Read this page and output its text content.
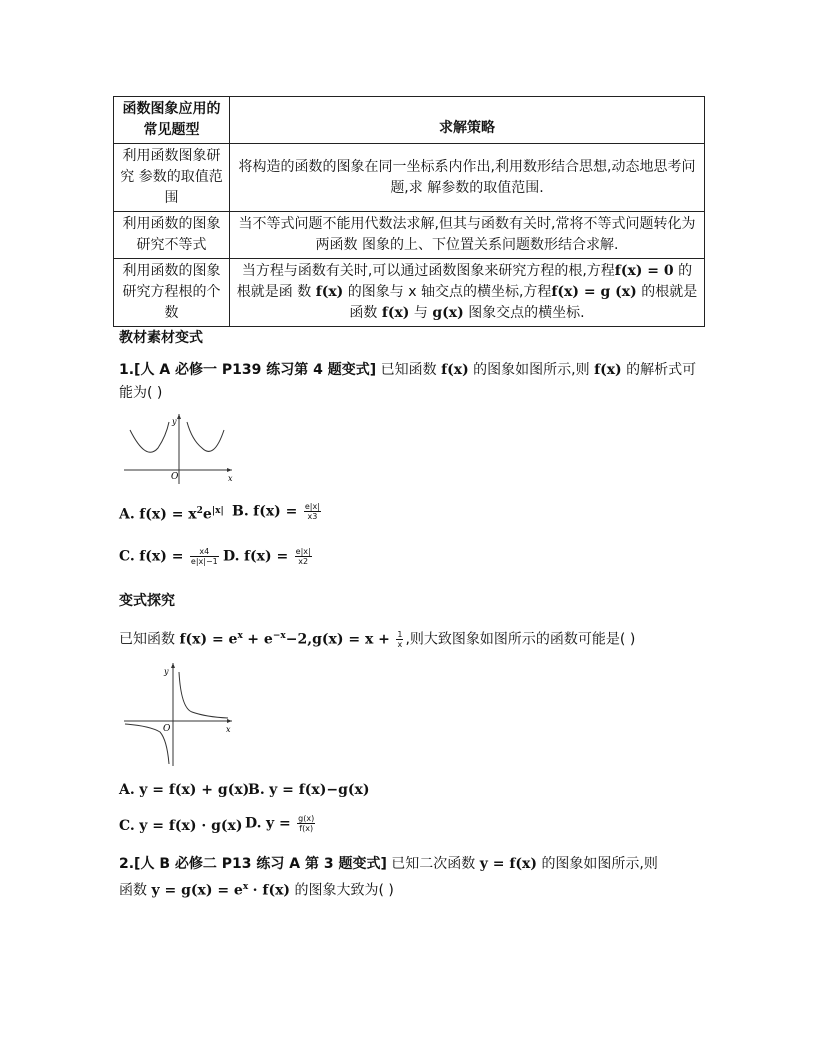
函数图象应用的常见题型	求解策略
利用函数图象研究 参数的取值范围	将构造的函数的图象在同一坐标系内作出,利用数形结合思想,动态地思考问题,求 解参数的取值范围.
利用函数的图象研究不等式	当不等式问题不能用代数法求解,但其与函数有关时,常将不等式问题转化为两函数 图象的上、下位置关系问题数形结合求解.
利用函数的图象 研究方程根的个数	当方程与函数有关时,可以通过函数图象来研究方程的根,方程f(x) = 0 的根就是函 数 f(x) 的图象与 x 轴交点的横坐标,方程f(x) = g (x) 的根就是函数 f(x) 与 g(x) 图象交点的横坐标.
教材素材变式
1.[人 A 必修一 P139 练习第 4 题变式] 已知函数 f(x) 的图象如图所示,则 f(x) 的解析式可能为( )
y
x
O
A. $f(x) = x^2e^{|x|}$ B. $f(x) = \frac{e|x|}{x3}$
C. $f(x) = \frac{x4}{e|x|-1} D$. $f(x) = \frac{e|x|}{x2}$
变式探究
已知函数 $f(x) = e^x + e^{-x}-2,g(x) = x + \frac{1}{x}$ ,则大致图象如图所示的函数可能是( )
y
x
O
A. y = f(x) + g(x)
B. y = f(x)−g(x)
C. y = f(x) · g(x) D. $y = \frac{g(x)}{f(x)}$
2.[人 B 必修二 P13 练习 A 第 3 题变式] 已知二次函数 y = f(x) 的图象如图所示,则
函数 $y = g(x) = e^x \cdot f(x)$ 的图象大致为( )
